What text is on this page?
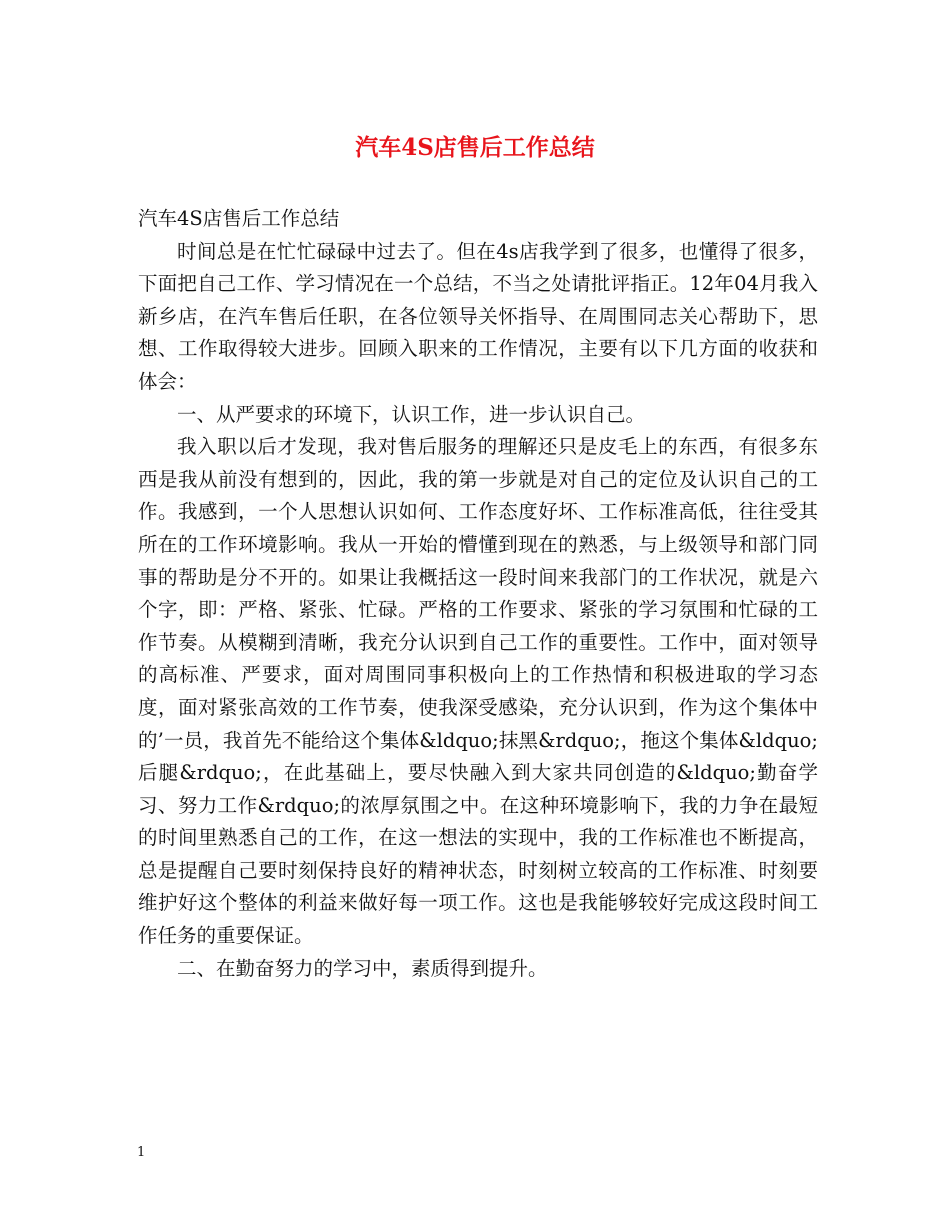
汽车4S店售后工作总结

汽车4S店售后工作总结

时间总是在忙忙碌碌中过去了。但在4s店我学到了很多，也懂得了很多，下面把自己工作、学习情况在一个总结，不当之处请批评指正。12年04月我入新乡店，在汽车售后任职，在各位领导关怀指导、在周围同志关心帮助下，思想、工作取得较大进步。回顾入职来的工作情况，主要有以下几方面的收获和体会：

一、从严要求的环境下，认识工作，进一步认识自己。

我入职以后才发现，我对售后服务的理解还只是皮毛上的东西，有很多东西是我从前没有想到的，因此，我的第一步就是对自己的定位及认识自己的工作。我感到，一个人思想认识如何、工作态度好坏、工作标准高低，往往受其所在的工作环境影响。我从一开始的懵懂到现在的熟悉，与上级领导和部门同事的帮助是分不开的。如果让我概括这一段时间来我部门的工作状况，就是六个字，即：严格、紧张、忙碌。严格的工作要求、紧张的学习氛围和忙碌的工作节奏。从模糊到清晰，我充分认识到自己工作的重要性。工作中，面对领导的高标准、严要求，面对周围同事积极向上的工作热情和积极进取的学习态度，面对紧张高效的工作节奏，使我深受感染，充分认识到，作为这个集体中的’一员，我首先不能给这个集体&ldquo;抹黑&rdquo;，拖这个集体&ldquo;后腿&rdquo;，在此基础上，要尽快融入到大家共同创造的&ldquo;勤奋学习、努力工作&rdquo;的浓厚氛围之中。在这种环境影响下，我的力争在最短的时间里熟悉自己的工作，在这一想法的实现中，我的工作标准也不断提高，总是提醒自己要时刻保持良好的精神状态，时刻树立较高的工作标准、时刻要维护好这个整体的利益来做好每一项工作。这也是我能够较好完成这段时间工作任务的重要保证。

二、在勤奋努力的学习中，素质得到提升。

1
